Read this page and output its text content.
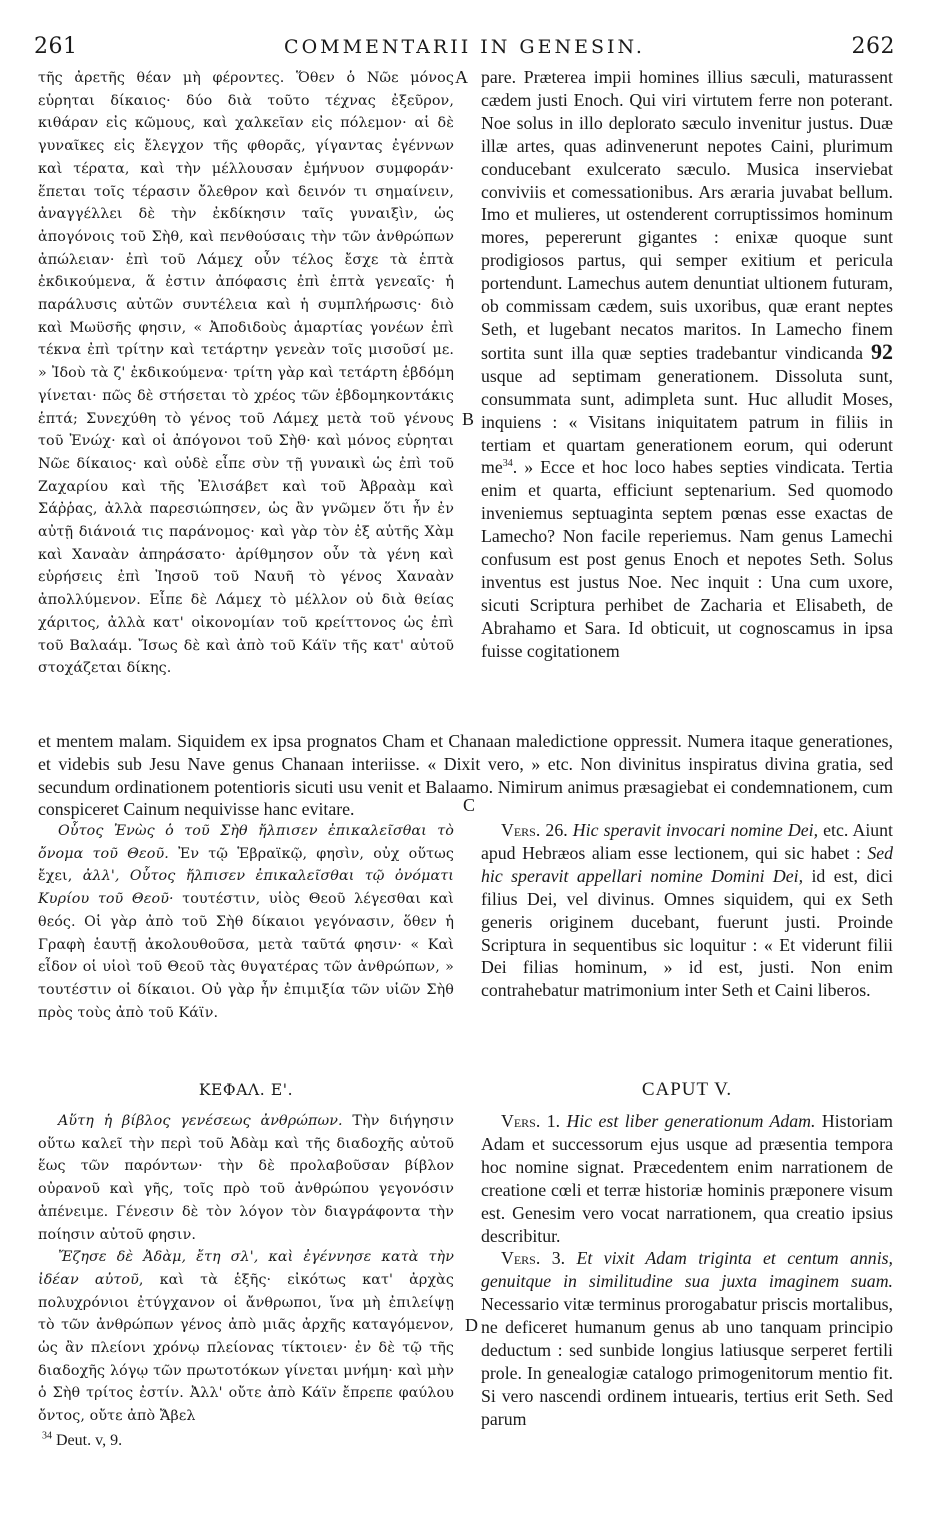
261	COMMENTARII IN GENESIN.	262
A
B
C
D

τῆς ἀρετῆς θέαν μὴ φέροντες. Ὅθεν ὁ Νῶε μόνος εὑρηται δίκαιος· δύο διὰ τοῦτο τέχνας ἐξεῦρον, κιθάραν εἰς κῶμους, καὶ χαλκεῖαν εἰς πόλεμον· αἱ δὲ γυναῖκες εἰς ἔλεγχον τῆς φθορᾶς, γίγαντας ἐγέννων καὶ τέρατα, καὶ τὴν μέλλουσαν ἐμήνυον συμφοράν· ἕπεται τοῖς τέρασιν ὄλεθρον καὶ δεινόν τι σημαίνειν, ἀναγγέλλει δὲ τὴν ἐκδίκησιν ταῖς γυναιξὶν, ὡς ἀπογόνοις τοῦ Σὴθ, καὶ πενθούσαις τὴν τῶν ἀνθρώπων ἀπώλειαν· ἐπὶ τοῦ Λάμεχ οὖν τέλος ἔσχε τὰ ἑπτὰ ἐκδικούμενα, ἅ ἐστιν ἀπόφασις ἐπὶ ἑπτὰ γενεαῖς· ἡ παράλυσις αὐτῶν συντέλεια καὶ ἡ συμπλήρωσις· διὸ καὶ Μωϋσῆς φησιν, « Ἀποδιδοὺς ἁμαρτίας γονέων ἐπὶ τέκνα ἐπὶ τρίτην καὶ τετάρτην γενεὰν τοῖς μισοῦσί με. » Ἰδοὺ τὰ ζ' ἐκδικούμενα· τρίτη γὰρ καὶ τετάρτη ἑβδόμη γίνεται· πῶς δὲ στήσεται τὸ χρέος τῶν ἑβδομηκοντάκις ἑπτά; Συνεχύθη τὸ γένος τοῦ Λάμεχ μετὰ τοῦ γένους τοῦ Ἐνώχ· καὶ οἱ ἀπόγονοι τοῦ Σὴθ· καὶ μόνος εὑρηται Νῶε δίκαιος· καὶ οὐδὲ εἶπε σὺν τῇ γυναικὶ ὡς ἐπὶ τοῦ Ζαχαρίου καὶ τῆς Ἐλισάβετ καὶ τοῦ Ἀβραὰμ καὶ Σάῤῥας, ἀλλὰ παρεσιώπησεν, ὡς ἂν γνῶμεν ὅτι ἦν ἐν αὐτῇ διάνοιά τις παράνομος· καὶ γὰρ τὸν ἐξ αὐτῆς Χὰμ καὶ Χαναὰν ἀπηράσατο· ἀρίθμησον οὖν τὰ γένη καὶ εὑρήσεις ἐπὶ Ἰησοῦ τοῦ Ναυῆ τὸ γένος Χαναὰν ἀπολλύμενον. Εἶπε δὲ Λάμεχ τὸ μέλλον οὐ διὰ θείας χάριτος, ἀλλὰ κατ' οἰκονομίαν τοῦ κρείττονος ὡς ἐπὶ τοῦ Βαλαάμ. Ἴσως δὲ καὶ ἀπὸ τοῦ Κάϊν τῆς κατ' αὐτοῦ στοχάζεται δίκης.

pare. Præterea impii homines illius sæculi, maturassent cædem justi Enoch. Qui viri virtutem ferre non poterant. Noe solus in illo deplorato sæculo invenitur justus. Duæ illæ artes, quas adinvenerunt nepotes Caini, plurimum conducebant exulcerato sæculo. Musica inserviebat conviviis et comessationibus. Ars æraria juvabat bellum. Imo et mulieres, ut ostenderent corruptissimos hominum mores, pepererunt gigantes : enixæ quoque sunt prodigiosos partus, qui semper exitium et pericula portendunt. Lamechus autem denuntiat ultionem futuram, ob commissam cædem, suis uxoribus, quæ erant neptes Seth, et lugebant necatos maritos. In Lamecho finem sortita sunt illa quæ septies tradebantur vindicanda 92 usque ad septimam generationem. Dissoluta sunt, consummata sunt, adimpleta sunt. Huc alludit Moses, inquiens : « Visitans iniquitatem patrum in filiis in tertiam et quartam generationem eorum, qui oderunt $me^{34}$. » Ecce et hoc loco habes septies vindicata. Tertia enim et quarta, efficiunt septenarium. Sed quomodo inveniemus septuaginta septem pœnas esse exactas de Lamecho? Non facile reperiemus. Nam genus Lamechi confusum est post genus Enoch et nepotes Seth. Solus inventus est justus Noe. Nec inquit : Una cum uxore, sicuti Scriptura perhibet de Zacharia et Elisabeth, de Abrahamo et Sara. Id obticuit, ut cognoscamus in ipsa fuisse cogitationem

et mentem malam. Siquidem ex ipsa prognatos Cham et Chanaan maledictione oppressit. Numera itaque generationes, et videbis sub Jesu Nave genus Chanaan interiisse. « Dixit vero, » etc. Non divinitus inspiratus divina gratia, sed secundum ordinationem potentioris sicuti usu venit et Balaamo. Nimirum animus præsagiebat ei condemnationem, cum conspiceret Cainum nequivisse hanc evitare.

Οὗτος Ἐνὼς ὁ τοῦ Σὴθ ἤλπισεν ἐπικαλεῖσθαι τὸ ὄνομα τοῦ Θεοῦ. Ἐν τῷ Ἑβραϊκῷ, φησὶν, οὐχ οὕτως ἔχει, ἀλλ', Οὗτος ἤλπισεν ἐπικαλεῖσθαι τῷ ὀνόματι Κυρίου τοῦ Θεοῦ· τουτέστιν, υἱὸς Θεοῦ λέγεσθαι καὶ θεός. Οἱ γὰρ ἀπὸ τοῦ Σὴθ δίκαιοι γεγόνασιν, ὅθεν ἡ Γραφὴ ἑαυτῇ ἀκολουθοῦσα, μετὰ ταῦτά φησιν· « Καὶ εἶδον οἱ υἱοὶ τοῦ Θεοῦ τὰς θυγατέρας τῶν ἀνθρώπων, » τουτέστιν οἱ δίκαιοι. Οὐ γὰρ ἦν ἐπιμιξία τῶν υἱῶν Σὴθ πρὸς τοὺς ἀπὸ τοῦ Κάϊν.

Vers. 26. Hic speravit invocari nomine Dei, etc. Aiunt apud Hebræos aliam esse lectionem, qui sic habet : Sed hic speravit appellari nomine Domini Dei, id est, dici filius Dei, vel divinus. Omnes siquidem, qui ex Seth generis originem ducebant, fuerunt justi. Proinde Scriptura in sequentibus sic loquitur : « Et viderunt filii Dei filias hominum, » id est, justi. Non enim contrahebatur matrimonium inter Seth et Caini liberos.

ΚΕΦΑΛ. Ε'.	CAPUT V.

Αὕτη ἡ βίβλος γενέσεως ἀνθρώπων. Τὴν διήγησιν οὕτω καλεῖ τὴν περὶ τοῦ Ἀδὰμ καὶ τῆς διαδοχῆς αὐτοῦ ἕως τῶν παρόντων· τὴν δὲ προλαβοῦσαν βίβλον οὐρανοῦ καὶ γῆς, τοῖς πρὸ τοῦ ἀνθρώπου γεγονόσιν ἀπένειμε. Γένεσιν δὲ τὸν λόγον τὸν διαγράφοντα τὴν ποίησιν αὐτοῦ φησιν.

Ἔζησε δὲ Ἀδὰμ, ἔτη σλ', καὶ ἐγέννησε κατὰ τὴν ἰδέαν αὐτοῦ, καὶ τὰ ἑξῆς· εἰκότως κατ' ἀρχὰς πολυχρόνιοι ἐτύγχανον οἱ ἄνθρωποι, ἵνα μὴ ἐπιλείψῃ τὸ τῶν ἀνθρώπων γένος ἀπὸ μιᾶς ἀρχῆς καταγόμενον, ὡς ἂν πλείονι χρόνῳ πλείονας τίκτοιεν· ἐν δὲ τῷ τῆς διαδοχῆς λόγῳ τῶν πρωτοτόκων γίνεται μνήμη· καὶ μὴν ὁ Σὴθ τρίτος ἐστίν. Ἀλλ' οὔτε ἀπὸ Κάϊν ἔπρεπε φαύλου ὄντος, οὔτε ἀπὸ Ἄβελ

Vers. 1. Hic est liber generationum Adam. Historiam Adam et successorum ejus usque ad præsentia tempora hoc nomine signat. Præcedentem enim narrationem de creatione cœli et terræ historiæ hominis præponere visum est. Genesim vero vocat narrationem, qua creatio ipsius describitur.

Vers. 3. Et vixit Adam triginta et centum annis, genuitque in similitudine sua juxta imaginem suam. Necessario vitæ terminus prorogabatur priscis mortalibus, ne deficeret humanum genus ab uno tanquam principio deductum : sed sunbide longius latiusque serperet fertili prole. In genealogiæ catalogo primogenitorum mentio fit. Si vero nascendi ordinem intuearis, tertius erit Seth. Sed parum

$^{34}$ Deut. v, 9.
